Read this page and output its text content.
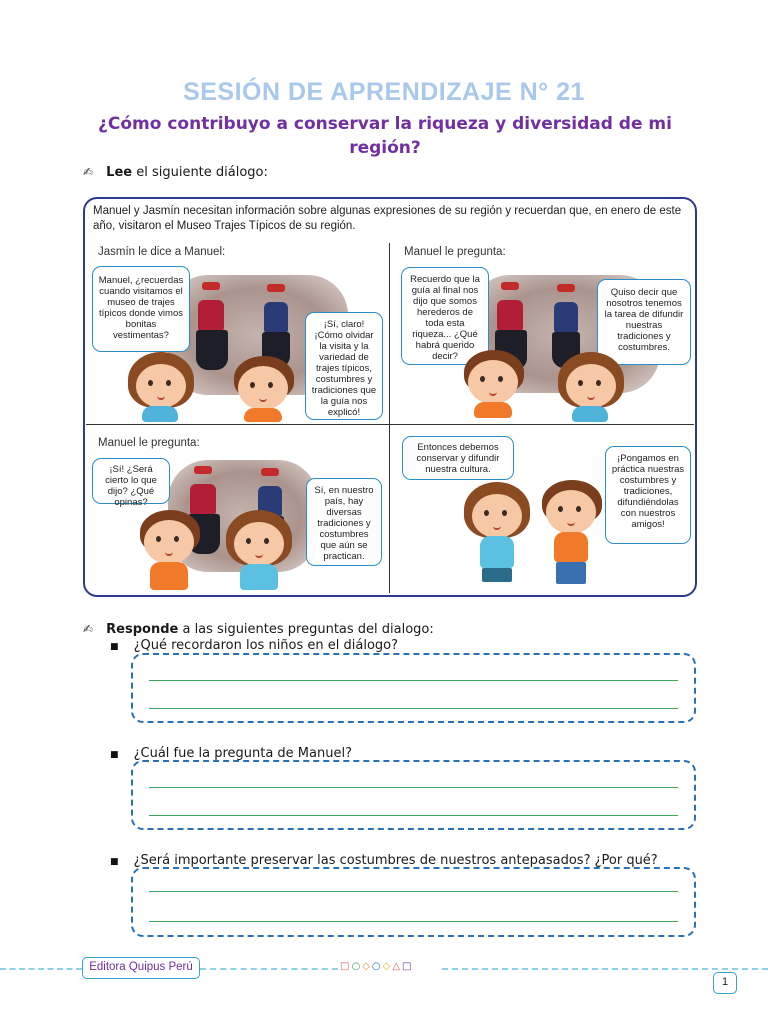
SESIÓN DE APRENDIZAJE N° 21
¿Cómo contribuyo a conservar la riqueza y diversidad de mi región?
✍ Lee el siguiente diálogo:
Manuel y Jasmín necesitan información sobre algunas expresiones de su región y recuerdan que, en enero de este año, visitaron el Museo Trajes Típicos de su región.
Jasmín le dice a Manuel:
Manuel, ¿recuerdas cuando visitamos el museo de trajes típicos donde vimos bonitas vestimentas?
¡Sí, claro! ¡Cómo olvidar la visita y la variedad de trajes típicos, costumbres y tradiciones que la guía nos explicó!
Manuel le pregunta:
Recuerdo que la guía al final nos dijo que somos herederos de toda esta riqueza... ¿Qué habrá querido decir?
Quiso decir que nosotros tenemos la tarea de difundir nuestras tradiciones y costumbres.
Manuel le pregunta:
¡Sí! ¿Será cierto lo que dijo? ¿Qué opinas?
Sí, en nuestro país, hay diversas tradiciones y costumbres que aún se practican.
Entonces debemos conservar y difundir nuestra cultura.
¡Pongamos en práctica nuestras costumbres y tradiciones, difundiéndolas con nuestros amigos!
✍ Responde a las siguientes preguntas del dialogo:
■ ¿Qué recordaron los niños en el diálogo?
■ ¿Cuál fue la pregunta de Manuel?
■ ¿Será importante preservar las costumbres de nuestros antepasados? ¿Por qué?
Editora Quipus Perú	□○◇○◇△□
1
